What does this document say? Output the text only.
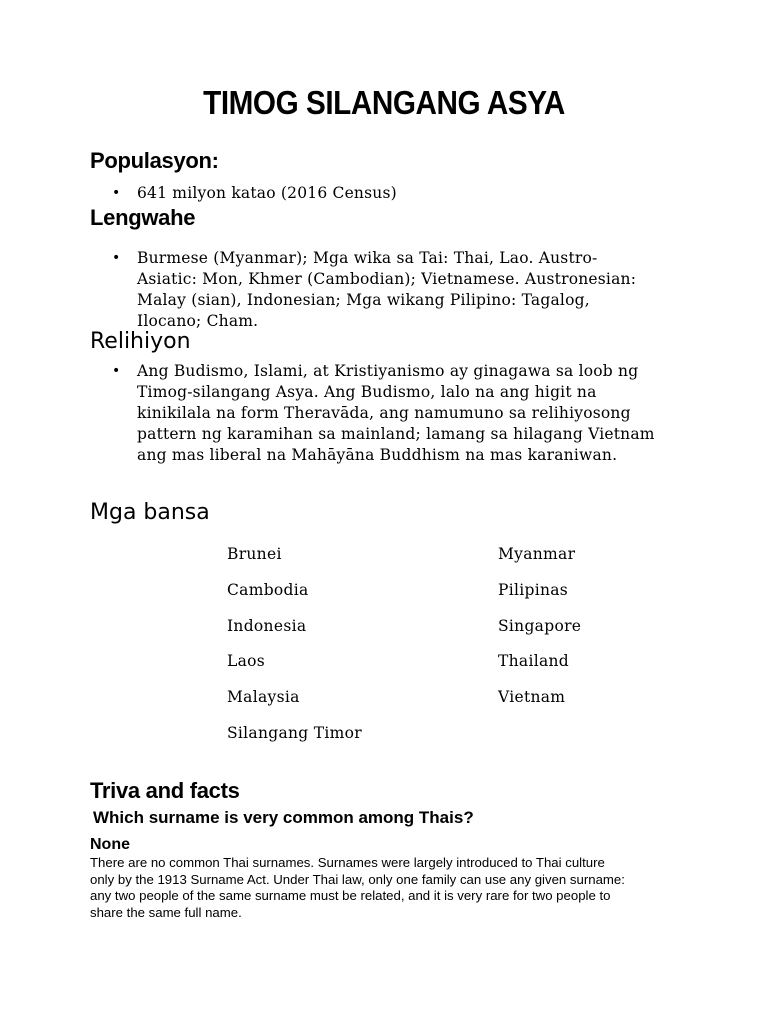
TIMOG SILANGANG ASYA
Populasyon:
• 641 milyon katao (2016 Census)
Lengwahe
• Burmese (Myanmar); Mga wika sa Tai: Thai, Lao. Austro-
Asiatic: Mon, Khmer (Cambodian); Vietnamese. Austronesian:
Malay (sian), Indonesian; Mga wikang Pilipino: Tagalog,
Ilocano; Cham.
Relihiyon
• Ang Budismo, Islami, at Kristiyanismo ay ginagawa sa loob ng
Timog-silangang Asya. Ang Budismo, lalo na ang higit na
kinikilala na form Theravāda, ang namumuno sa relihiyosong
pattern ng karamihan sa mainland; lamang sa hilagang Vietnam
ang mas liberal na Mahāyāna Buddhism na mas karaniwan.
Mga bansa
Brunei
Cambodia
Indonesia
Laos
Malaysia
Silangang Timor
Myanmar
Pilipinas
Singapore
Thailand
Vietnam
Triva and facts
Which surname is very common among Thais?
None
There are no common Thai surnames. Surnames were largely introduced to Thai culture
only by the 1913 Surname Act. Under Thai law, only one family can use any given surname:
any two people of the same surname must be related, and it is very rare for two people to
share the same full name.
